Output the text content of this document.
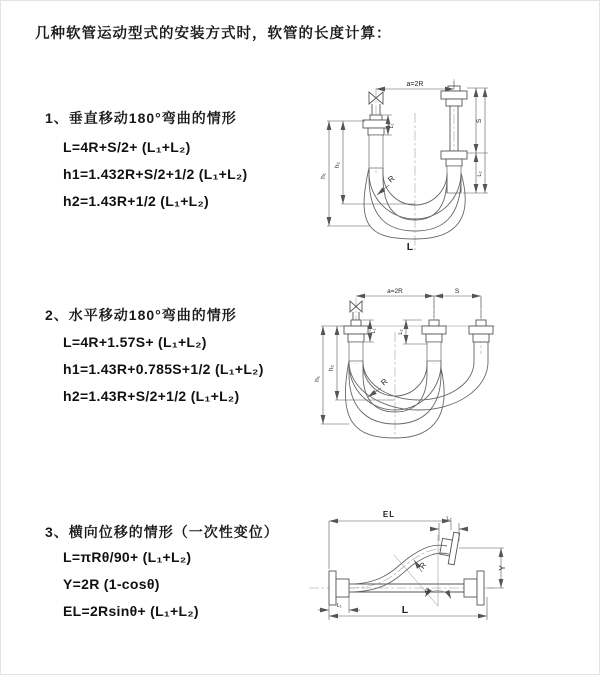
几种软管运动型式的安装方式时，软管的长度计算：
1、垂直移动180°弯曲的情形
L=4R+S/2+ (L₁+L₂)
h1=1.432R+S/2+1/2 (L₁+L₂)
h2=1.43R+1/2 (L₁+L₂)
a=2R
h₁
h₂
L₁
S
L₂
R
L
2、水平移动180°弯曲的情形
L=4R+1.57S+ (L₁+L₂)
h1=1.43R+0.785S+1/2 (L₁+L₂)
h2=1.43R+S/2+1/2 (L₁+L₂)
a=2R	S
h₁
h₂
L₁	L₂
R
3、横向位移的情形（一次性变位）
L=πRθ/90+ (L₁+L₂)
Y=2R (1-cosθ)
EL=2Rsinθ+ (L₁+L₂)
EL	L₂
Y
L
L₁
R
θ
